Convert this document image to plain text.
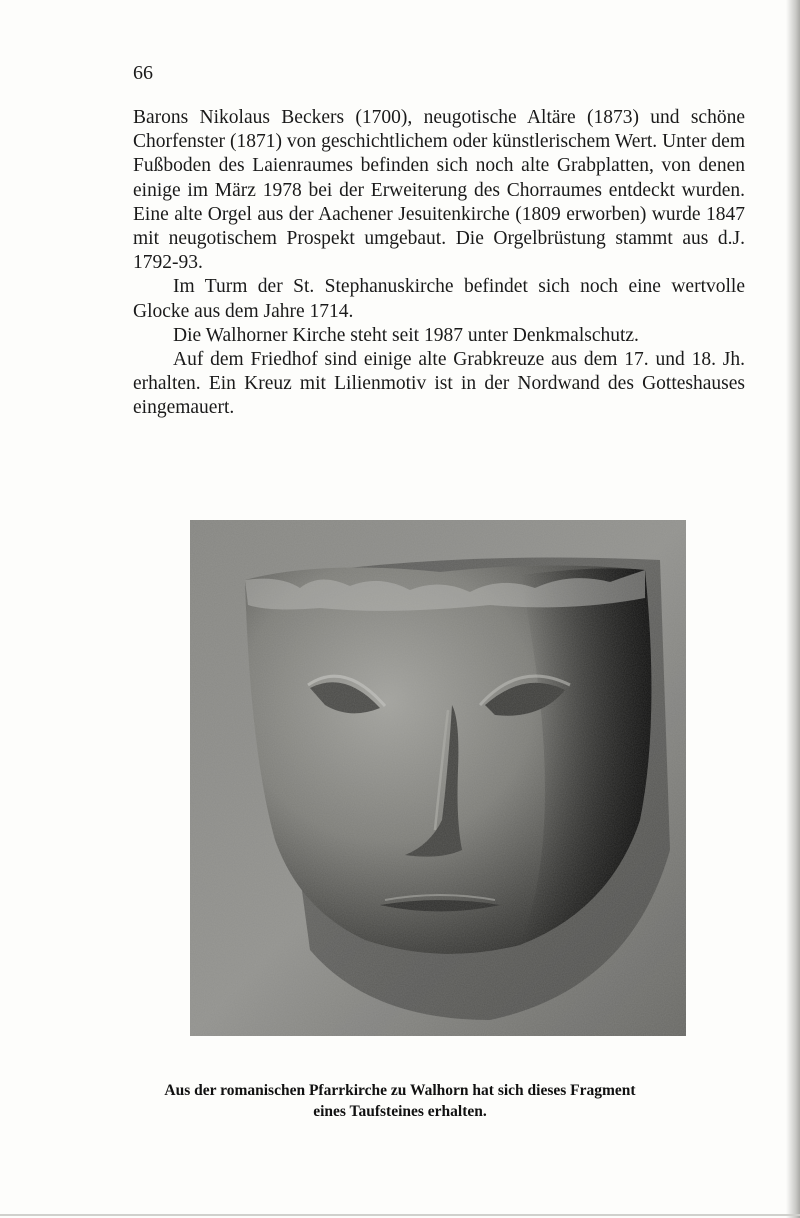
66

Barons Nikolaus Beckers (1700), neugotische Altäre (1873) und schöne Chorfenster (1871) von geschichtlichem oder künstlerischem Wert. Unter dem Fußboden des Laienraumes befinden sich noch alte Grabplatten, von denen einige im März 1978 bei der Erweiterung des Chorraumes entdeckt wurden. Eine alte Orgel aus der Aachener Jesuitenkirche (1809 erworben) wurde 1847 mit neugotischem Prospekt umgebaut. Die Orgelbrüstung stammt aus d.J. 1792-93.

Im Turm der St. Stephanuskirche befindet sich noch eine wertvolle Glocke aus dem Jahre 1714.

Die Walhorner Kirche steht seit 1987 unter Denkmalschutz.

Auf dem Friedhof sind einige alte Grabkreuze aus dem 17. und 18. Jh. erhalten. Ein Kreuz mit Lilienmotiv ist in der Nordwand des Gotteshauses eingemauert.

Aus der romanischen Pfarrkirche zu Walhorn hat sich dieses Fragment
eines Taufsteines erhalten.
